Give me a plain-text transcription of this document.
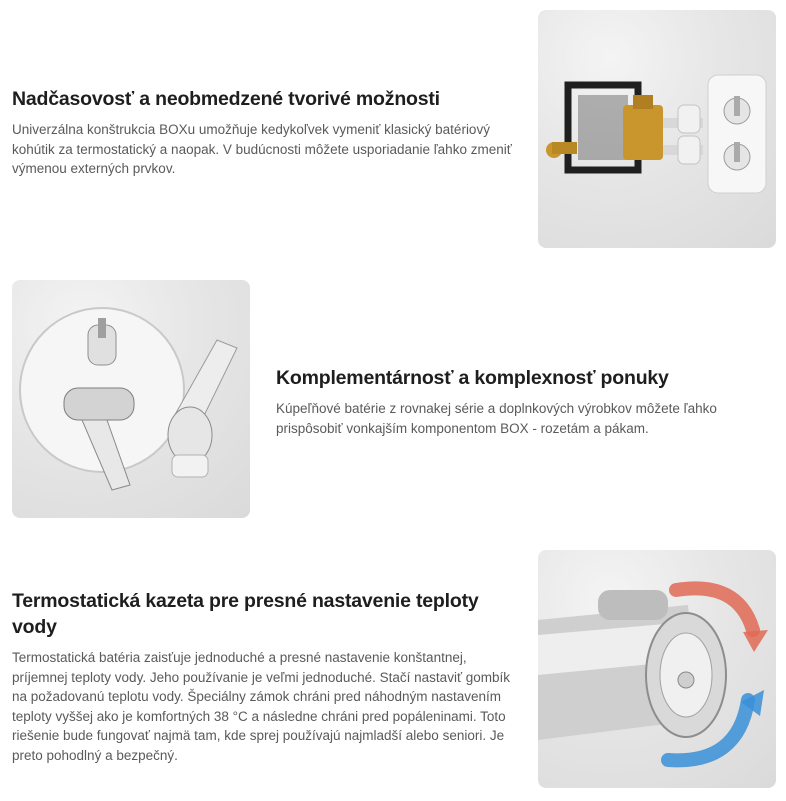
Nadčasovosť a neobmedzené tvorivé možnosti

Univerzálna konštrukcia BOXu umožňuje kedykoľvek vymeniť klasický batériový kohútik za termostatický a naopak. V budúcnosti môžete usporiadanie ľahko zmeniť výmenou externých prvkov.

Komplementárnosť a komplexnosť ponuky

Kúpeľňové batérie z rovnakej série a doplnkových výrobkov môžete ľahko prispôsobiť vonkajším komponentom BOX - rozetám a pákam.

Termostatická kazeta pre presné nastavenie teploty vody

Termostatická batéria zaisťuje jednoduché a presné nastavenie konštantnej, príjemnej teploty vody. Jeho používanie je veľmi jednoduché. Stačí nastaviť gombík na požadovanú teplotu vody. Špeciálny zámok chráni pred náhodným nastavením teploty vyššej ako je komfortných 38 °C a následne chráni pred popáleninami. Toto riešenie bude fungovať najmä tam, kde sprej používajú najmladší alebo seniori. Je preto pohodlný a bezpečný.
